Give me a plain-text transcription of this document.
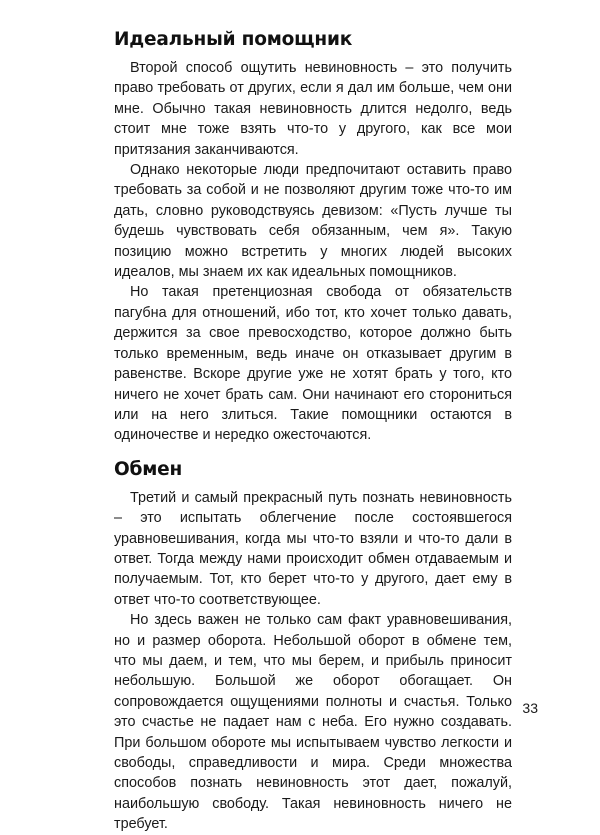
Идеальный помощник

Второй способ ощутить невиновность – это получить право требовать от других, если я дал им больше, чем они мне. Обычно такая невиновность длится недолго, ведь стоит мне тоже взять что-то у другого, как все мои притязания заканчиваются.

Однако некоторые люди предпочитают оставить право требовать за собой и не позволяют другим тоже что-то им дать, словно руководствуясь девизом: «Пусть лучше ты будешь чувствовать себя обязанным, чем я». Такую позицию можно встретить у многих людей высоких идеалов, мы знаем их как идеальных помощников.

Но такая претенциозная свобода от обязательств пагубна для отношений, ибо тот, кто хочет только давать, держится за свое превосходство, которое должно быть только временным, ведь иначе он отказывает другим в равенстве. Вскоре другие уже не хотят брать у того, кто ничего не хочет брать сам. Они начинают его сторониться или на него злиться. Такие помощники остаются в одиночестве и нередко ожесточаются.

Обмен

Третий и самый прекрасный путь познать невиновность – это испытать облегчение после состоявшегося уравновешивания, когда мы что-то взяли и что-то дали в ответ. Тогда между нами происходит обмен отдаваемым и получаемым. Тот, кто берет что-то у другого, дает ему в ответ что-то соответствующее.

Но здесь важен не только сам факт уравновешивания, но и размер оборота. Небольшой оборот в обмене тем, что мы даем, и тем, что мы берем, и прибыль приносит небольшую. Большой же оборот обогащает. Он сопровождается ощущениями полноты и счастья. Только это счастье не падает нам с неба. Его нужно создавать. При большом обороте мы испытываем чувство легкости и свободы, справедливости и мира. Среди множества способов познать невиновность этот дает, пожалуй, наибольшую свободу. Такая невиновность ничего не требует.

33
